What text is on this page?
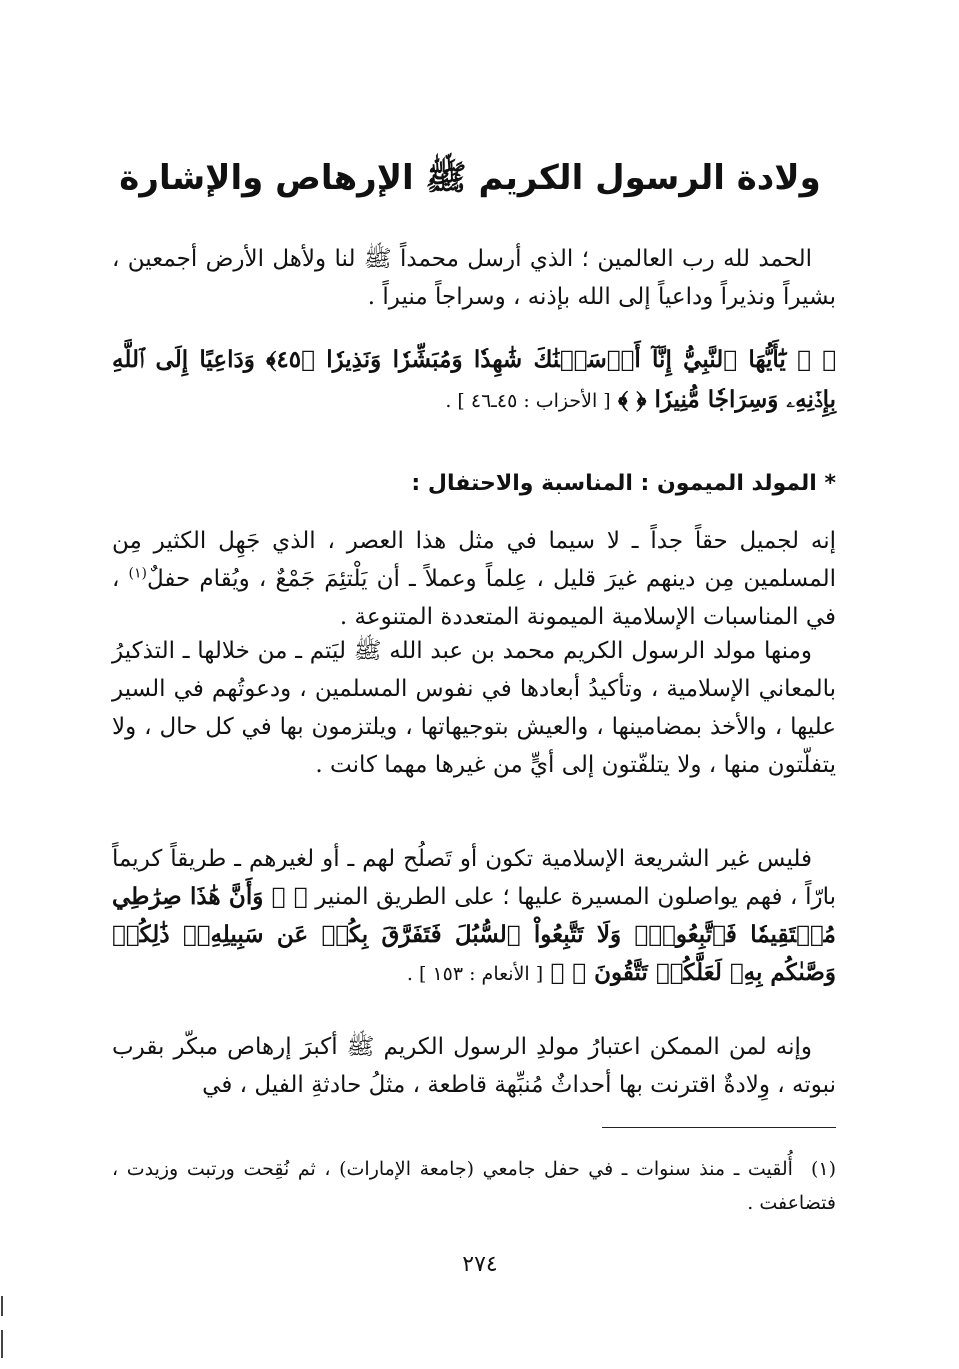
ولادة الرسول الكريم ﷺ الإرهاص والإشارة
الحمد لله رب العالمين ؛ الذي أرسل محمداً ﷺ لنا ولأهل الأرض أجمعين ، بشيراً ونذيراً وداعياً إلى الله بإذنه ، وسراجاً منيراً .
﴿ ﴾ يَٰٓأَيُّهَا ٱلنَّبِيُّ إِنَّآ أَرۡسَلۡنَٰكَ شَٰهِدٗا وَمُبَشِّرٗا وَنَذِيرٗا ﴿٤٥﴾ وَدَاعِيًا إِلَى ٱللَّهِ بِإِذۡنِهِۦ وَسِرَاجٗا مُّنِيرٗا ﴿ ﴾ [ الأحزاب : ٤٥ـ٤٦ ] .
* المولد الميمون : المناسبة والاحتفال :
إنه لجميل حقاً جداً ـ لا سيما في مثل هذا العصر ، الذي جَهِل الكثير مِن المسلمين مِن دينهم غيرَ قليل ، عِلماً وعملاً ـ أن يَلْتئِمَ جَمْعٌ ، ويُقام حفلٌ$^{(١)}$ ، في المناسبات الإسلامية الميمونة المتعددة المتنوعة .
ومنها مولد الرسول الكريم محمد بن عبد الله ﷺ ليَتم ـ من خلالها ـ التذكيرُ بالمعاني الإسلامية ، وتأكيدُ أبعادها في نفوس المسلمين ، ودعوتُهم في السير عليها ، والأخذ بمضامينها ، والعيش بتوجيهاتها ، ويلتزمون بها في كل حال ، ولا يتفلّتون منها ، ولا يتلفّتون إلى أيٍّ من غيرها مهما كانت .
فليس غير الشريعة الإسلامية تكون أو تَصلُح لهم ـ أو لغيرهم ـ طريقاً كريماً بارّاً ، فهم يواصلون المسيرة عليها ؛ على الطريق المنير ﴿ ﴾ وَأَنَّ هَٰذَا صِرَٰطِي مُسۡتَقِيمٗا فَٱتَّبِعُوهُۖ وَلَا تَتَّبِعُواْ ٱلسُّبُلَ فَتَفَرَّقَ بِكُمۡ عَن سَبِيلِهِۦۚ ذَٰلِكُمۡ وَصَّىٰكُم بِهِۦ لَعَلَّكُمۡ تَتَّقُونَ ﴿ ﴾ [ الأنعام : ١٥٣ ] .
وإنه لمن الممكن اعتبارُ مولدِ الرسول الكريم ﷺ أكبرَ إرهاص مبكّر بقرب نبوته ، وِلادةٌ اقترنت بها أحداثٌ مُنبِّهة قاطعة ، مثلُ حادثةِ الفيل ، في
(١)أُلقيت ـ منذ سنوات ـ في حفل جامعي (جامعة الإمارات) ، ثم نُقِحت ورتبت وزيدت ، فتضاعفت .
٢٧٤
